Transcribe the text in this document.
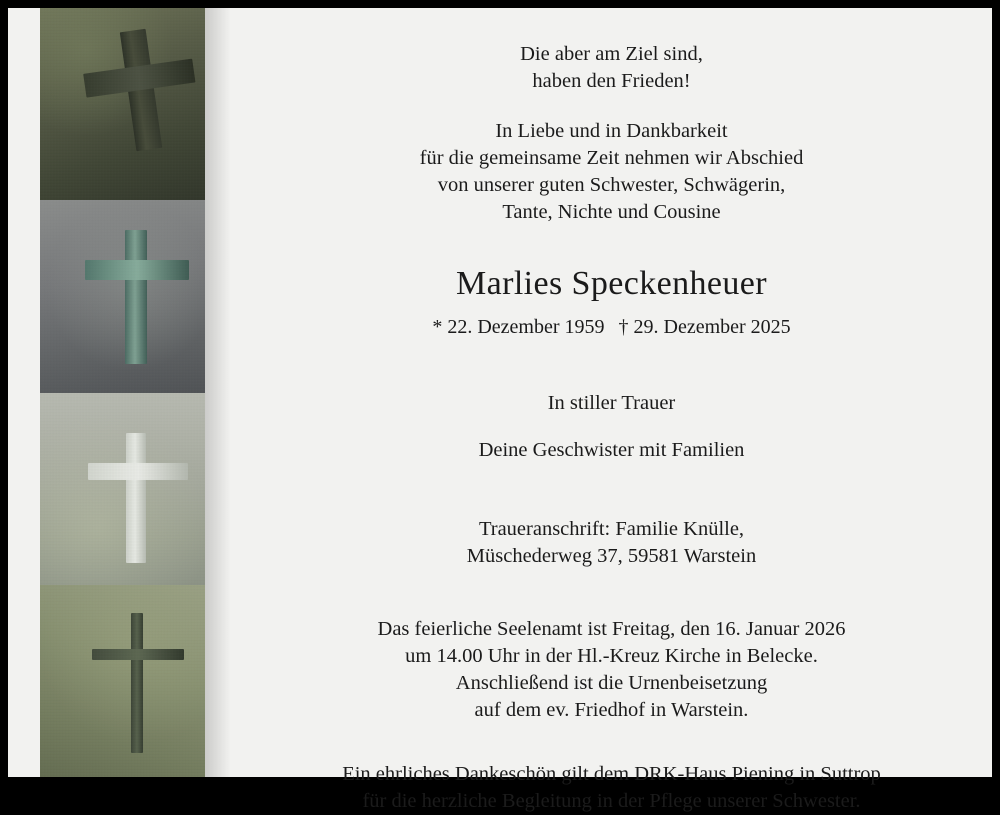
Die aber am Ziel sind,
haben den Frieden!
In Liebe und in Dankbarkeit
für die gemeinsame Zeit nehmen wir Abschied
von unserer guten Schwester, Schwägerin,
Tante, Nichte und Cousine
Marlies Speckenheuer
* 22. Dezember 1959 † 29. Dezember 2025
In stiller Trauer
Deine Geschwister mit Familien
Traueranschrift: Familie Knülle,
Müschederweg 37, 59581 Warstein
Das feierliche Seelenamt ist Freitag, den 16. Januar 2026
um 14.00 Uhr in der Hl.-Kreuz Kirche in Belecke.
Anschließend ist die Urnenbeisetzung
auf dem ev. Friedhof in Warstein.
Ein ehrliches Dankeschön gilt dem DRK-Haus Piening in Suttrop
für die herzliche Begleitung in der Pflege unserer Schwester.
